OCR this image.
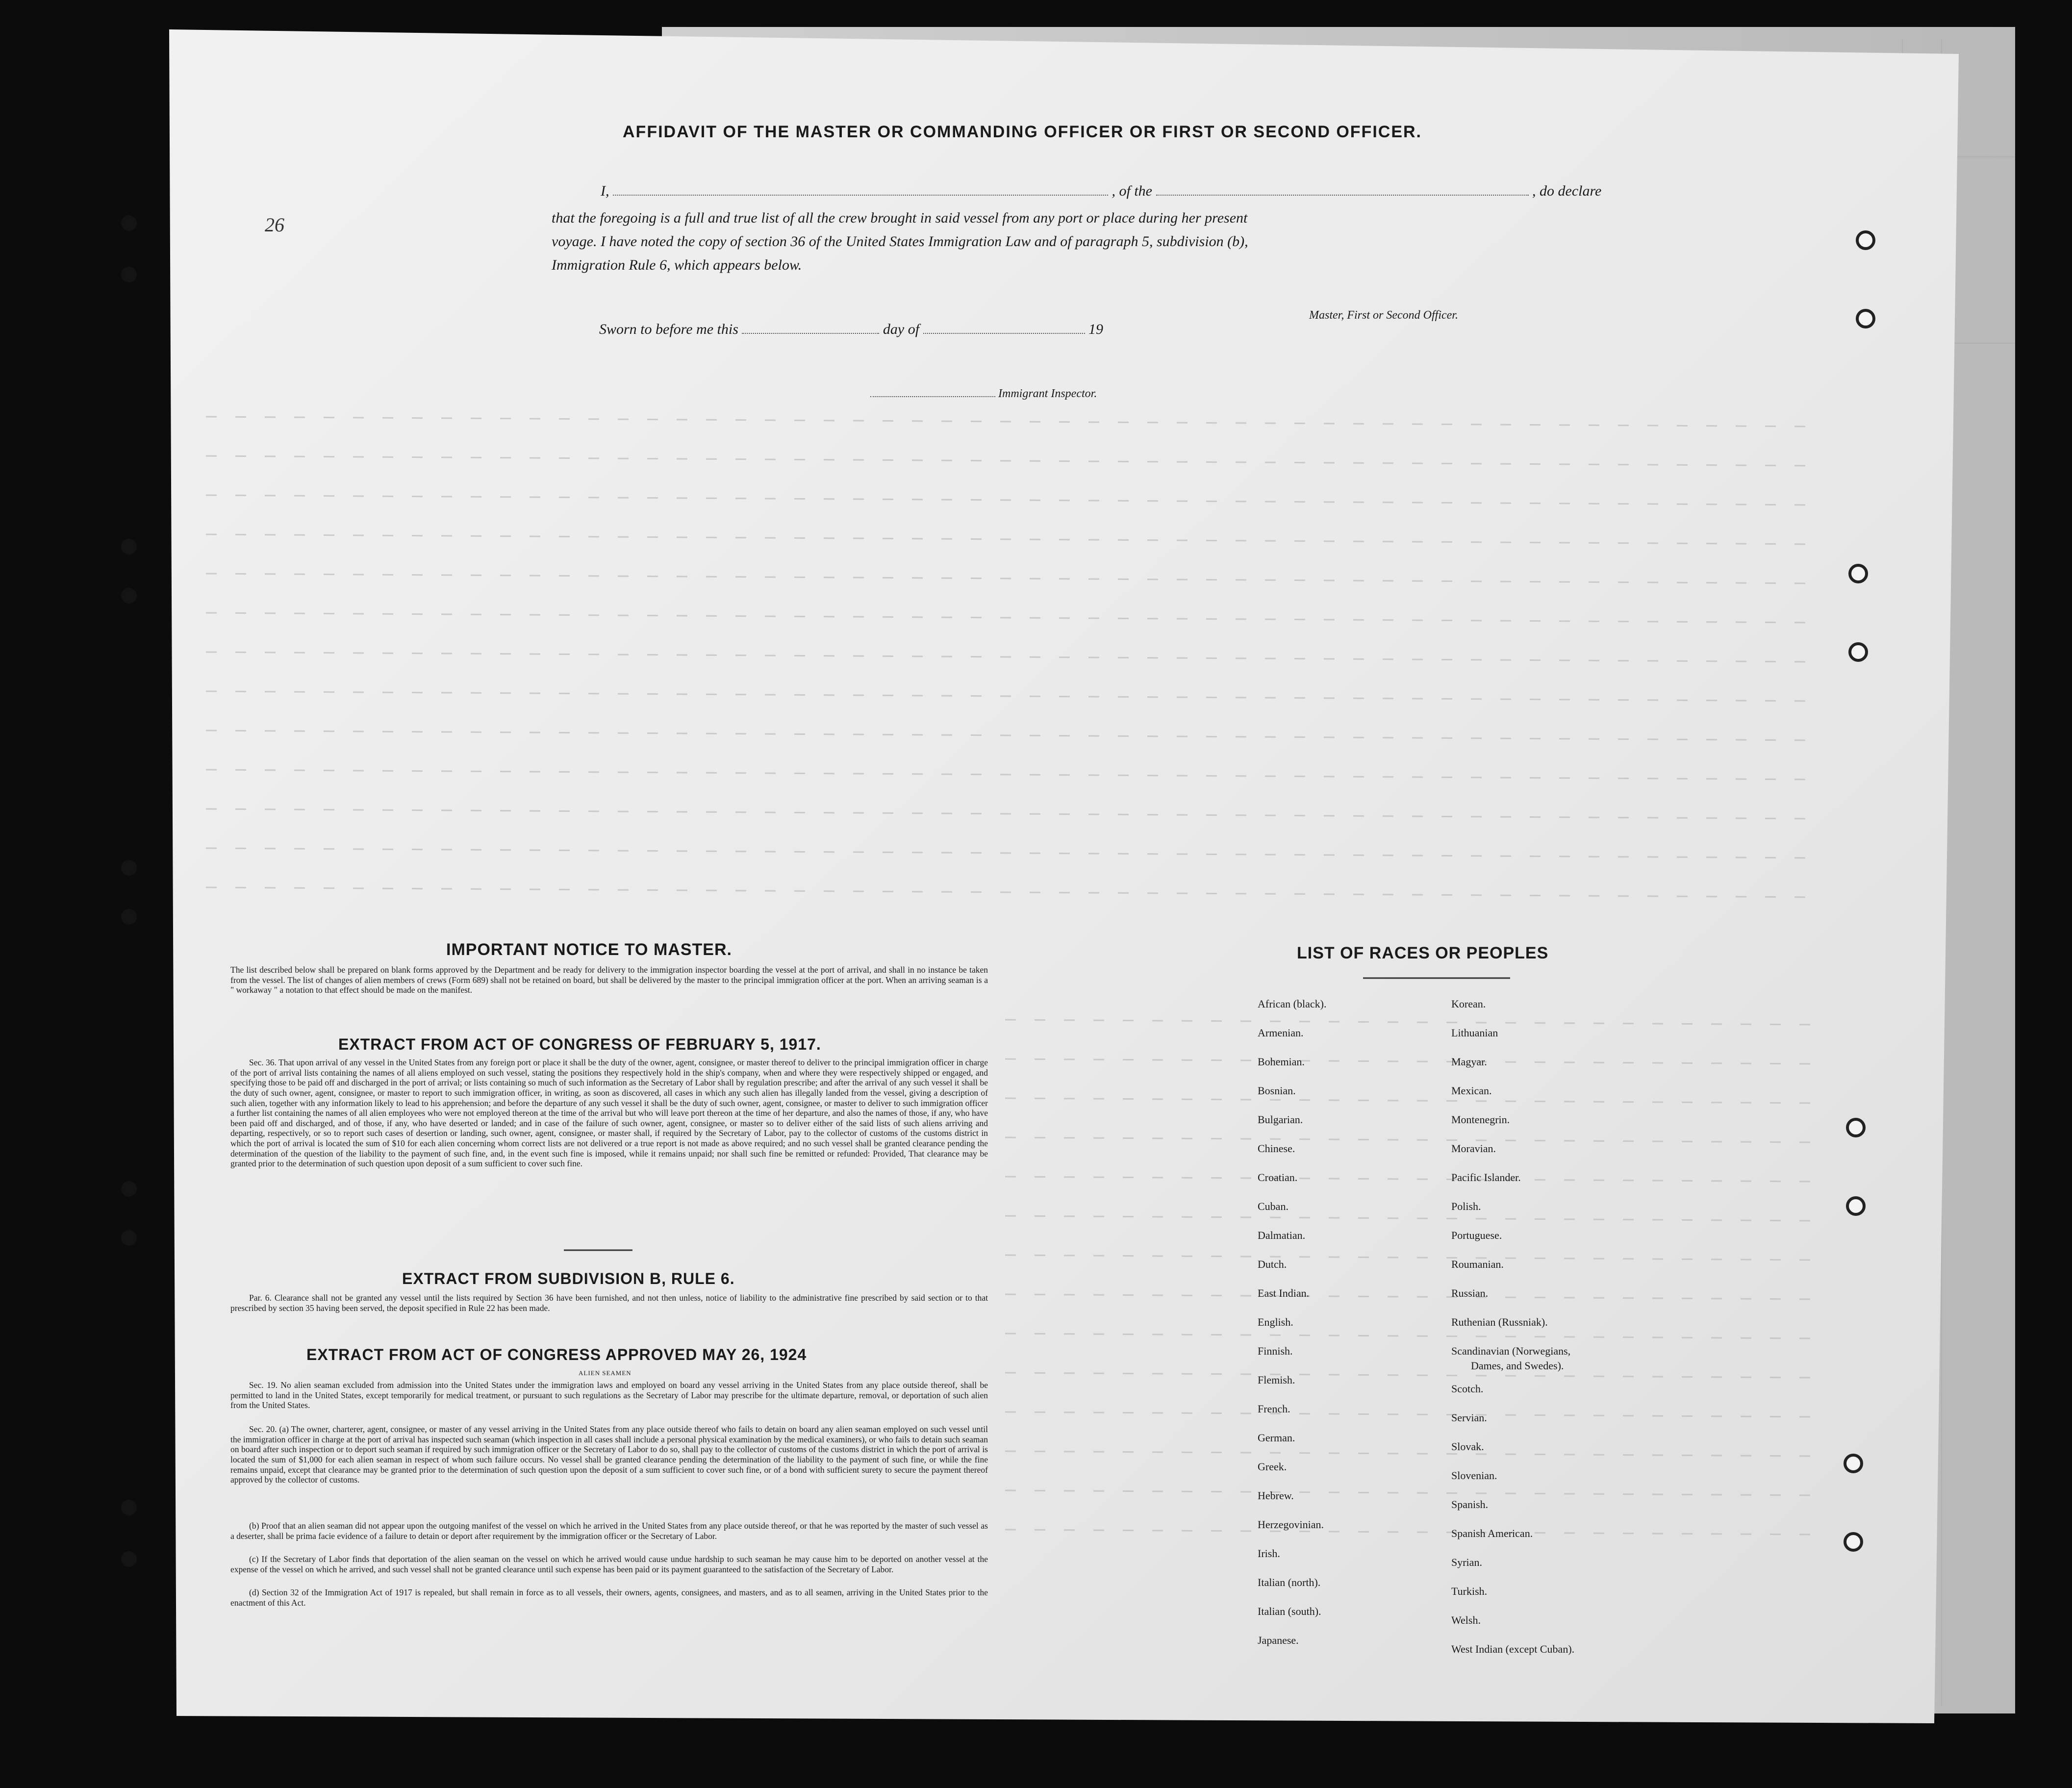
AFFIDAVIT OF THE MASTER OR COMMANDING OFFICER OR FIRST OR SECOND OFFICER.
I,	, of the	, do declare
that the foregoing is a full and true list of all the crew brought in said vessel from any port or place during her present
voyage. I have noted the copy of section 36 of the United States Immigration Law and of paragraph 5, subdivision (b),
Immigration Rule 6, which appears below.
26
Master, First or Second Officer.
Sworn to before me this	day of	19
Immigrant Inspector.
IMPORTANT NOTICE TO MASTER.
The list described below shall be prepared on blank forms approved by the Department and be ready for delivery to the immigration inspector boarding the vessel at the port of arrival, and shall in no instance be taken from the vessel. The list of changes of alien members of crews (Form 689) shall not be retained on board, but shall be delivered by the master to the principal immigration officer at the port. When an arriving seaman is a " workaway " a notation to that effect should be made on the manifest.
EXTRACT FROM ACT OF CONGRESS OF FEBRUARY 5, 1917.
Sec. 36. That upon arrival of any vessel in the United States from any foreign port or place it shall be the duty of the owner, agent, consignee, or master thereof to deliver to the principal immigration officer in charge of the port of arrival lists containing the names of all aliens employed on such vessel, stating the positions they respectively hold in the ship's company, when and where they were respectively shipped or engaged, and specifying those to be paid off and discharged in the port of arrival; or lists containing so much of such information as the Secretary of Labor shall by regulation prescribe; and after the arrival of any such vessel it shall be the duty of such owner, agent, consignee, or master to report to such immigration officer, in writing, as soon as discovered, all cases in which any such alien has illegally landed from the vessel, giving a description of such alien, together with any information likely to lead to his apprehension; and before the departure of any such vessel it shall be the duty of such owner, agent, consignee, or master to deliver to such immigration officer a further list containing the names of all alien employees who were not employed thereon at the time of the arrival but who will leave port thereon at the time of her departure, and also the names of those, if any, who have been paid off and discharged, and of those, if any, who have deserted or landed; and in case of the failure of such owner, agent, consignee, or master so to deliver either of the said lists of such aliens arriving and departing, respectively, or so to report such cases of desertion or landing, such owner, agent, consignee, or master shall, if required by the Secretary of Labor, pay to the collector of customs of the customs district in which the port of arrival is located the sum of $10 for each alien concerning whom correct lists are not delivered or a true report is not made as above required; and no such vessel shall be granted clearance pending the determination of the question of the liability to the payment of such fine, and, in the event such fine is imposed, while it remains unpaid; nor shall such fine be remitted or refunded: Provided, That clearance may be granted prior to the determination of such question upon deposit of a sum sufficient to cover such fine.
EXTRACT FROM SUBDIVISION B, RULE 6.
Par. 6. Clearance shall not be granted any vessel until the lists required by Section 36 have been furnished, and not then unless, notice of liability to the administrative fine prescribed by said section or to that prescribed by section 35 having been served, the deposit specified in Rule 22 has been made.
EXTRACT FROM ACT OF CONGRESS APPROVED MAY 26, 1924
ALIEN SEAMEN
Sec. 19. No alien seaman excluded from admission into the United States under the immigration laws and employed on board any vessel arriving in the United States from any place outside thereof, shall be permitted to land in the United States, except temporarily for medical treatment, or pursuant to such regulations as the Secretary of Labor may prescribe for the ultimate departure, removal, or deportation of such alien from the United States.
Sec. 20. (a) The owner, charterer, agent, consignee, or master of any vessel arriving in the United States from any place outside thereof who fails to detain on board any alien seaman employed on such vessel until the immigration officer in charge at the port of arrival has inspected such seaman (which inspection in all cases shall include a personal physical examination by the medical examiners), or who fails to detain such seaman on board after such inspection or to deport such seaman if required by such immigration officer or the Secretary of Labor to do so, shall pay to the collector of customs of the customs district in which the port of arrival is located the sum of $1,000 for each alien seaman in respect of whom such failure occurs. No vessel shall be granted clearance pending the determination of the liability to the payment of such fine, or while the fine remains unpaid, except that clearance may be granted prior to the determination of such question upon the deposit of a sum sufficient to cover such fine, or of a bond with sufficient surety to secure the payment thereof approved by the collector of customs.
(b) Proof that an alien seaman did not appear upon the outgoing manifest of the vessel on which he arrived in the United States from any place outside thereof, or that he was reported by the master of such vessel as a deserter, shall be prima facie evidence of a failure to detain or deport after requirement by the immigration officer or the Secretary of Labor.
(c) If the Secretary of Labor finds that deportation of the alien seaman on the vessel on which he arrived would cause undue hardship to such seaman he may cause him to be deported on another vessel at the expense of the vessel on which he arrived, and such vessel shall not be granted clearance until such expense has been paid or its payment guaranteed to the satisfaction of the Secretary of Labor.
(d) Section 32 of the Immigration Act of 1917 is repealed, but shall remain in force as to all vessels, their owners, agents, consignees, and masters, and as to all seamen, arriving in the United States prior to the enactment of this Act.
LIST OF RACES OR PEOPLES
African (black).
Armenian.
Bohemian.
Bosnian.
Bulgarian.
Chinese.
Croatian.
Cuban.
Dalmatian.
Dutch.
East Indian.
English.
Finnish.
Flemish.
French.
German.
Greek.
Hebrew.
Herzegovinian.
Irish.
Italian (north).
Italian (south).
Japanese.
Korean.
Lithuanian
Magyar.
Mexican.
Montenegrin.
Moravian.
Pacific Islander.
Polish.
Portuguese.
Roumanian.
Russian.
Ruthenian (Russniak).
Scandinavian (Norwegians,
Dames, and Swedes).
Scotch.
Servian.
Slovak.
Slovenian.
Spanish.
Spanish American.
Syrian.
Turkish.
Welsh.
West Indian (except Cuban).
